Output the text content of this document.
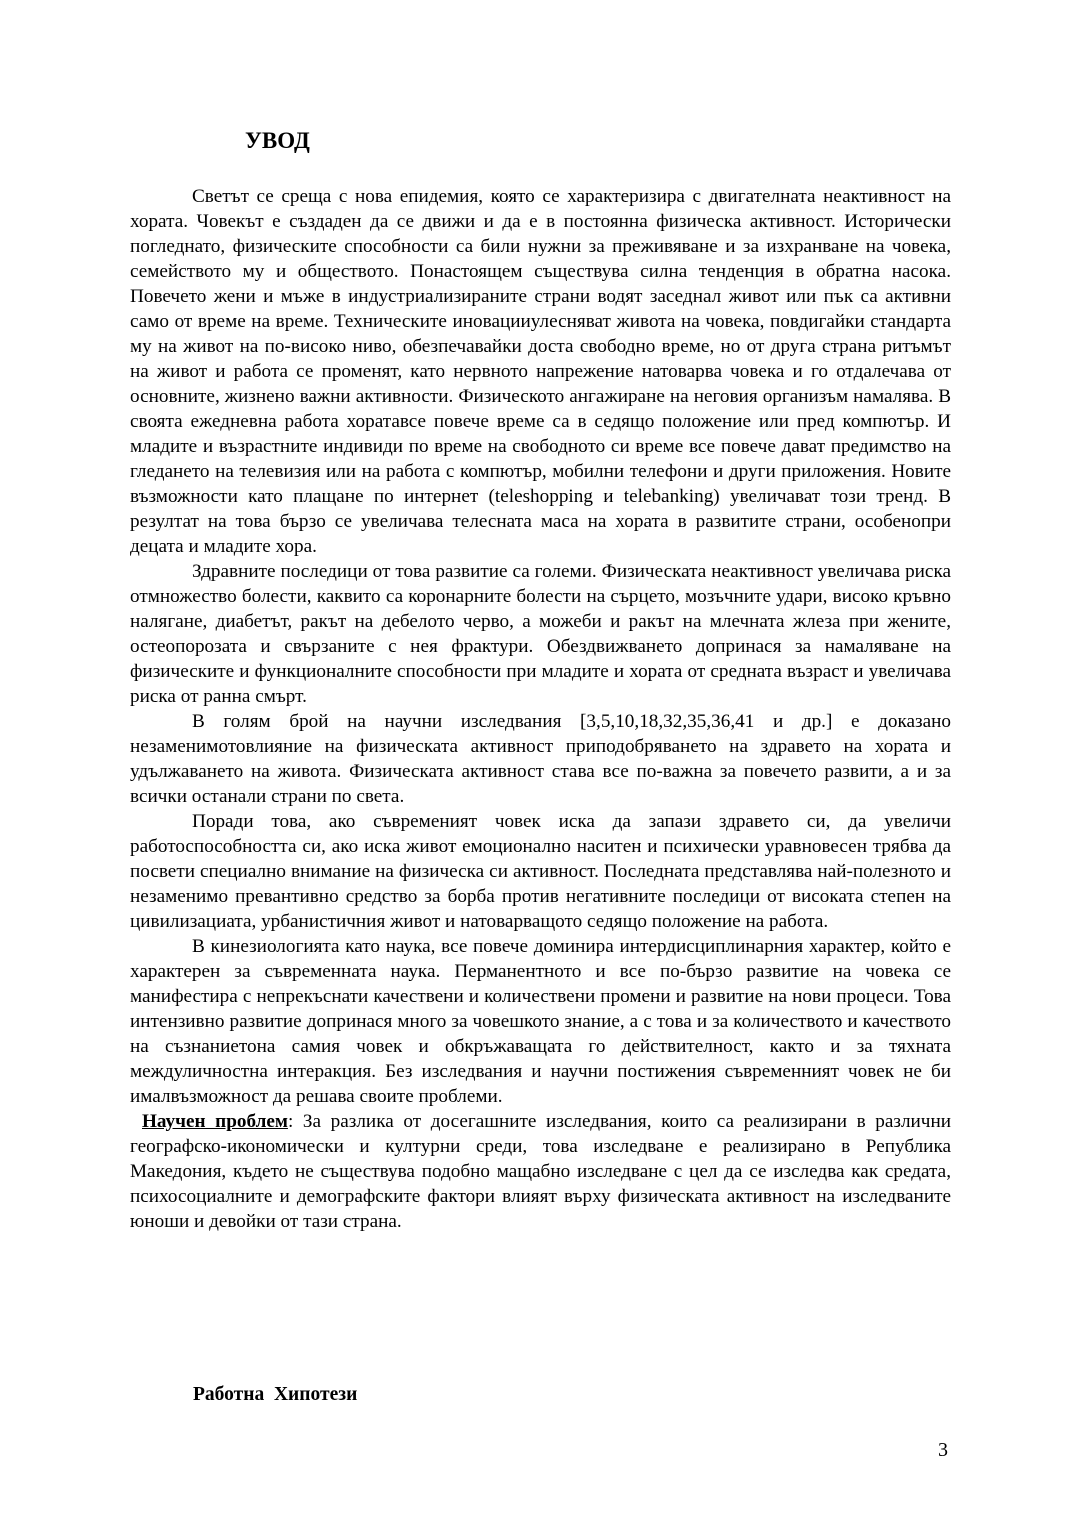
УВОД

Светът се среща с нова епидемия, която се характеризира с двигателната неактивност на хората. Човекът е създаден да се движи и да е в постоянна физическа активност. Исторически погледнато, физическите способности са били нужни за преживяване и за изхранване на човека, семейството му и обществото. Понастоящем съществува силна тенденция в обратна насока. Повечето жени и мъже в индустриализираните страни водят заседнал живот или пък са активни само от време на време. Техническите иновацииулесняват живота на човека, повдигайки стандарта му на живот на по-високо ниво, обезпечавайки доста свободно време, но от друга страна ритъмът на живот и работа се променят, като нервното напрежение натоварва човека и го отдалечава от основните, жизнено важни активности. Физическото ангажиране на неговия организъм намалява. В своята ежедневна работа хоратавсе повече време са в седящо положение или пред компютър. И младите и възрастните индивиди по време на свободното си време все повече дават предимство на гледането на телевизия или на работа с компютър, мобилни телефони и други приложения. Новите възможности като плащане по интернет (teleshopping и telebanking) увеличават този тренд. В резултат на това бързо се увеличава телесната маса на хората в развитите страни, особенопри децата и младите хора.

Здравните последици от това развитие са големи. Физическата неактивност увеличава риска отмножество болести, каквито са коронарните болести на сърцето, мозъчните удари, високо кръвно налягане, диабетът, ракът на дебелото черво, а можеби и ракът на млечната жлеза при жените, остеопорозата и свързаните с нея фрактури. Обездвижването допринася за намаляване на физическите и функционалните способности при младите и хората от средната възраст и увеличава риска от ранна смърт.

В голям брой на научни изследвания [3,5,10,18,32,35,36,41 и др.] е доказано незаменимотовлияние на физическата активност приподобряването на здравето на хората и удължаването на живота. Физическата активност става все по-важна за повечето развити, а и за всички останали страни по света.

Поради това, ако съвременият човек иска да запази здравето си, да увеличи работоспособността си, ако иска живот емоционално наситен и психически уравновесен трябва да посвети специално внимание на физическа си активност. Последната представлява най-полезното и незаменимо превантивно средство за борба против негативните последици от високата степен на цивилизациата, урбанистичния живот и натоварващото седящо положение на работа.

В кинезиологията като наука, все повече доминира интердисциплинарния характер, който е характерен за съвременната наука. Перманентното и все по-бързо развитие на човека се манифестира с непрекъснати качествени и количествени промени и развитие на нови процеси. Това интензивно развитие допринася много за човешкото знание, а с това и за количеството и качеството на съзнаниетона самия човек и обкръжаващата го действителност, както и за тяхната междуличностна интеракция. Без изследвания и научни постижения съвременният човек не би ималвъзможност да решава своите проблеми.

Научен проблем: За разлика от досегашните изследвания, които са реализирани в различни географско-икономически и културни среди, това изследване е реализирано в Република Македония, където не съществува подобно мащабно изследване с цел да се изследва как средата, психосоциалните и демографските фактори влияят върху физическата активност на изследваните юноши и девойки от тази страна.

Работна  Хипотези
3
